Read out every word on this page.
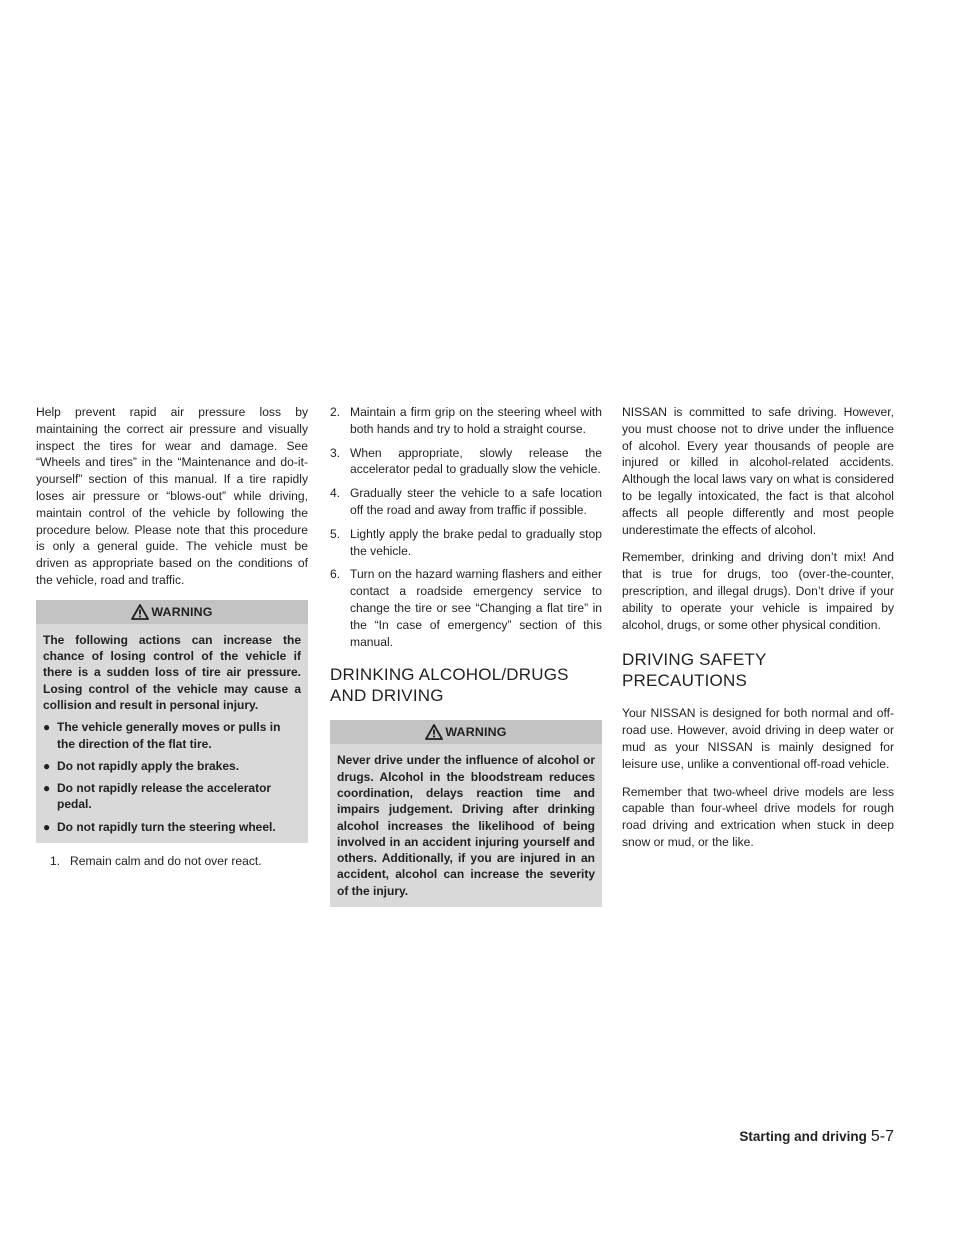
Help prevent rapid air pressure loss by maintaining the correct air pressure and visually inspect the tires for wear and damage. See “Wheels and tires” in the “Maintenance and do-it-yourself” section of this manual. If a tire rapidly loses air pressure or “blows-out” while driving, maintain control of the vehicle by following the procedure below. Please note that this procedure is only a general guide. The vehicle must be driven as appropriate based on the conditions of the vehicle, road and traffic.

WARNING

The following actions can increase the chance of losing control of the vehicle if there is a sudden loss of tire air pressure. Losing control of the vehicle may cause a collision and result in personal injury.

● The vehicle generally moves or pulls in the direction of the flat tire.
● Do not rapidly apply the brakes.
● Do not rapidly release the accelerator pedal.
● Do not rapidly turn the steering wheel.
1. Remain calm and do not over react.
2. Maintain a firm grip on the steering wheel with both hands and try to hold a straight course.
3. When appropriate, slowly release the accelerator pedal to gradually slow the vehicle.
4. Gradually steer the vehicle to a safe location off the road and away from traffic if possible.
5. Lightly apply the brake pedal to gradually stop the vehicle.
6. Turn on the hazard warning flashers and either contact a roadside emergency service to change the tire or see “Changing a flat tire” in the “In case of emergency” section of this manual.
DRINKING ALCOHOL/DRUGS AND DRIVING
WARNING

Never drive under the influence of alcohol or drugs. Alcohol in the bloodstream reduces coordination, delays reaction time and impairs judgement. Driving after drinking alcohol increases the likelihood of being involved in an accident injuring yourself and others. Additionally, if you are injured in an accident, alcohol can increase the severity of the injury.

NISSAN is committed to safe driving. However, you must choose not to drive under the influence of alcohol. Every year thousands of people are injured or killed in alcohol-related accidents. Although the local laws vary on what is considered to be legally intoxicated, the fact is that alcohol affects all people differently and most people underestimate the effects of alcohol.

Remember, drinking and driving don’t mix! And that is true for drugs, too (over-the-counter, prescription, and illegal drugs). Don’t drive if your ability to operate your vehicle is impaired by alcohol, drugs, or some other physical condition.

DRIVING SAFETY PRECAUTIONS

Your NISSAN is designed for both normal and off-road use. However, avoid driving in deep water or mud as your NISSAN is mainly designed for leisure use, unlike a conventional off-road vehicle.

Remember that two-wheel drive models are less capable than four-wheel drive models for rough road driving and extrication when stuck in deep snow or mud, or the like.

Starting and driving 5-7
